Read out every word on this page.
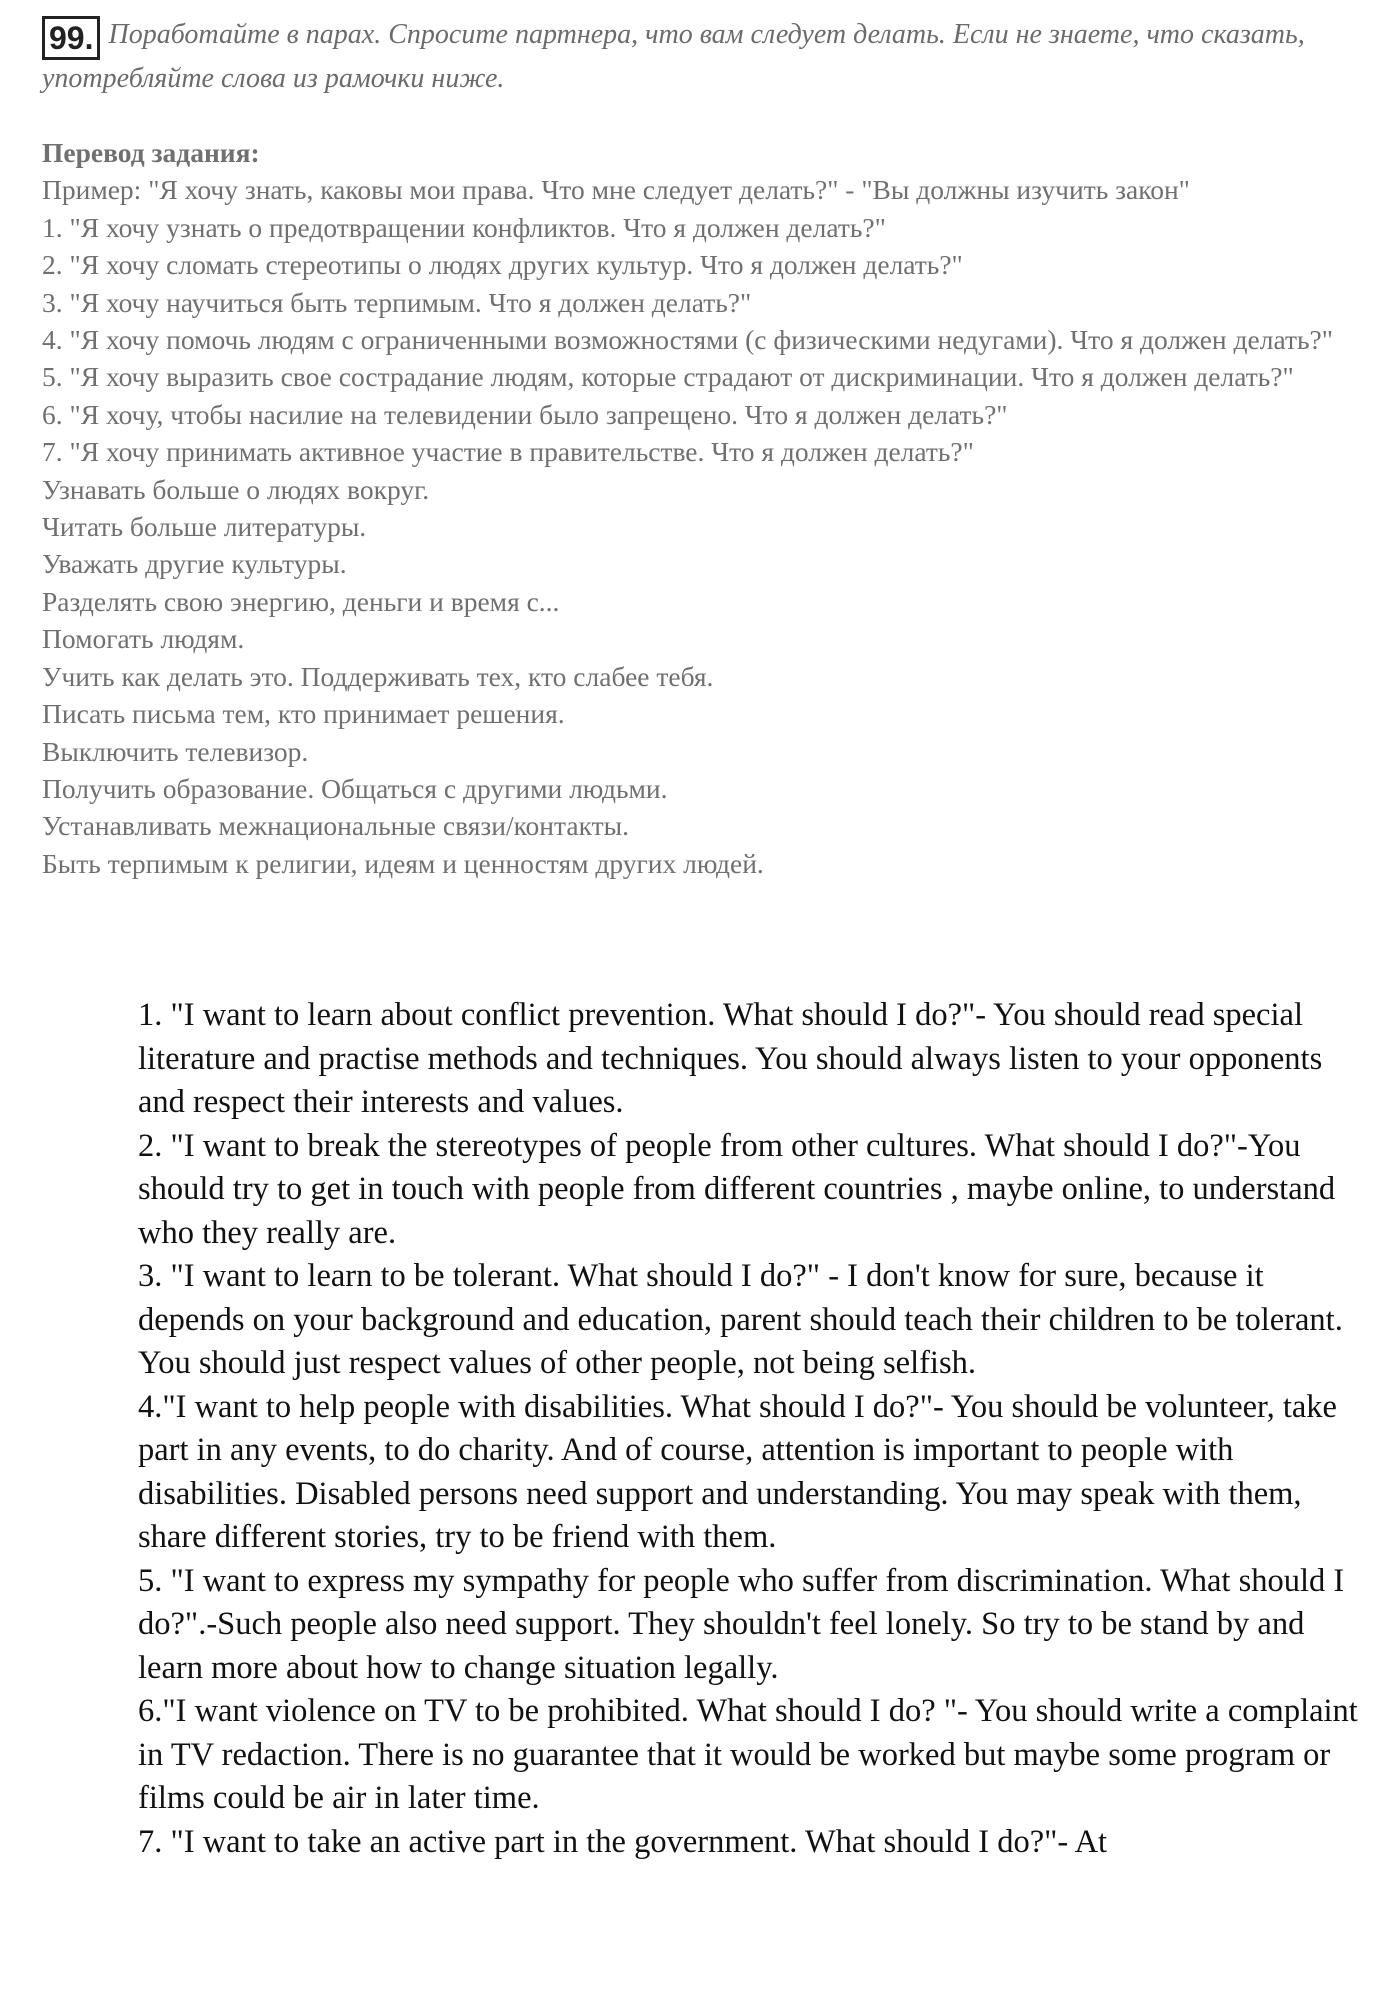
99. Поработайте в парах. Спросите партнера, что вам следует делать. Если не знаете, что сказать, употребляйте слова из рамочки ниже.

Перевод задания:

Пример: "Я хочу знать, каковы мои права. Что мне следует делать?" - "Вы должны изучить закон"

1. "Я хочу узнать о предотвращении конфликтов. Что я должен делать?"

2. "Я хочу сломать стереотипы о людях других культур. Что я должен делать?"

3. "Я хочу научиться быть терпимым. Что я должен делать?"

4. "Я хочу помочь людям с ограниченными возможностями (с физическими недугами). Что я должен делать?"

5. "Я хочу выразить свое сострадание людям, которые страдают от дискриминации. Что я должен делать?"

6. "Я хочу, чтобы насилие на телевидении было запрещено. Что я должен делать?"

7. "Я хочу принимать активное участие в правительстве. Что я должен делать?"

Узнавать больше о людях вокруг.

Читать больше литературы.

Уважать другие культуры.

Разделять свою энергию, деньги и время с...

Помогать людям.

Учить как делать это. Поддерживать тех, кто слабее тебя.

Писать письма тем, кто принимает решения.

Выключить телевизор.

Получить образование. Общаться с другими людьми.

Устанавливать межнациональные связи/контакты.

Быть терпимым к религии, идеям и ценностям других людей.

1. "I want to learn about conflict prevention. What should I do?"- You should read special literature and practise methods and techniques. You should always listen to your opponents and respect their interests and values.

2. "I want to break the stereotypes of people from other cultures. What should I do?"-You should try to get in touch with people from different countries , maybe online, to understand who they really are.

3. "I want to learn to be tolerant. What should I do?" - I don't know for sure, because it depends on your background and education, parent should teach their children to be tolerant. You should just respect values of other people, not being selfish.

4."I want to help people with disabilities. What should I do?"- You should be volunteer, take part in any events, to do charity. And of course, attention is important to people with disabilities. Disabled persons need support and understanding. You may speak with them, share different stories, try to be friend with them.

5. "I want to express my sympathy for people who suffer from discrimination. What should I do?".-Such people also need support. They shouldn't feel lonely. So try to be stand by and learn more about how to change situation legally.

6."I want violence on TV to be prohibited. What should I do? "- You should write a complaint in TV redaction. There is no guarantee that it would be worked but maybe some program or films could be air in later time.

7. "I want to take an active part in the government. What should I do?"- At
